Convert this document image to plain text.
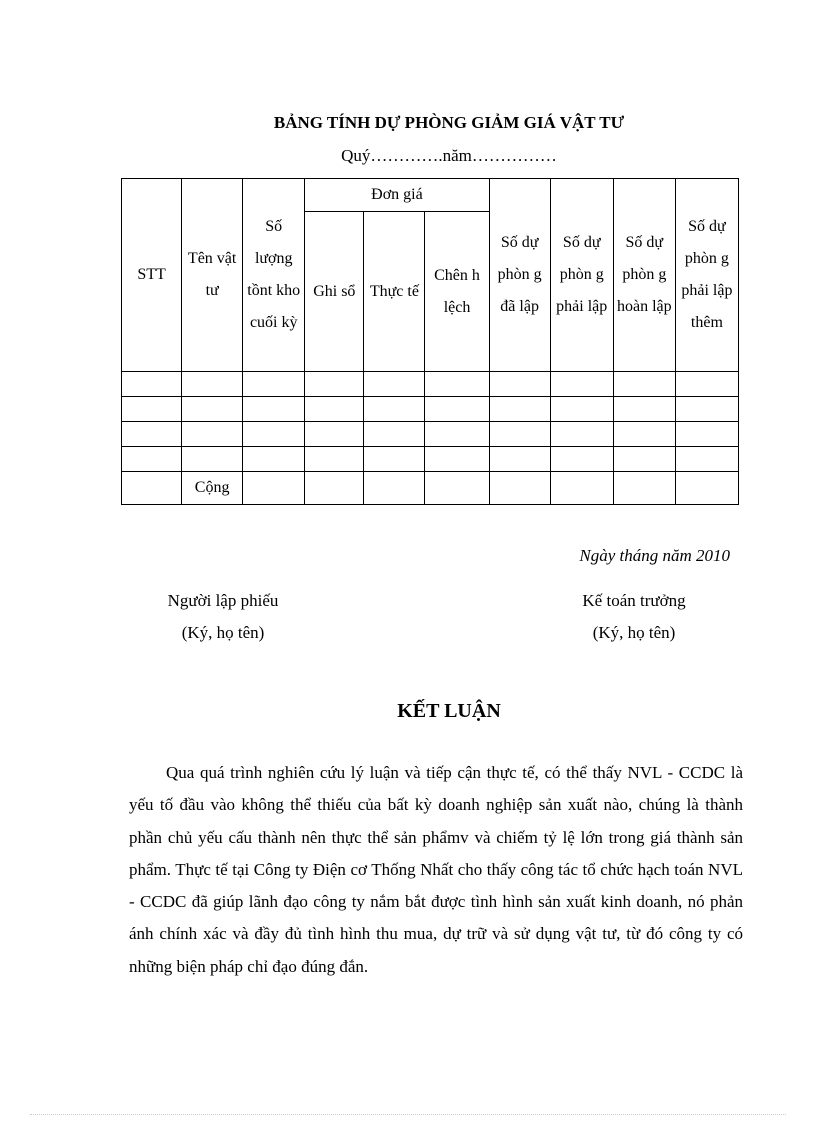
BẢNG TÍNH DỰ PHÒNG GIẢM GIÁ VẬT TƯ
Quý………….năm……………
STT	Tên vật tư	Số lượng tồnt kho cuối kỳ	Đơn giá			Số dự phòn g đã lập	Số dự phòn g phải lập	Số dự phòn g hoàn lập	Số dự phòn g phải lập thêm
			Ghi sổ	Thực tế	Chên h lệch				

	Cộng								
Ngày tháng năm 2010
Người lập phiếu
(Ký, họ tên)
Kế toán trưởng
(Ký, họ tên)
KẾT LUẬN

Qua quá trình nghiên cứu lý luận và tiếp cận thực tế, có thể thấy NVL - CCDC là yếu tố đầu vào không thể thiếu của bất kỳ doanh nghiệp sản xuất nào, chúng là thành phần chủ yếu cấu thành nên thực thể sản phẩmv và chiếm tỷ lệ lớn trong giá thành sản phẩm. Thực tế tại Công ty Điện cơ Thống Nhất cho thấy công tác tổ chức hạch toán NVL - CCDC đã giúp lãnh đạo công ty nắm bắt được tình hình sản xuất kinh doanh, nó phản ánh chính xác và đầy đủ tình hình thu mua, dự trữ và sử dụng vật tư, từ đó công ty có những biện pháp chỉ đạo đúng đắn.
